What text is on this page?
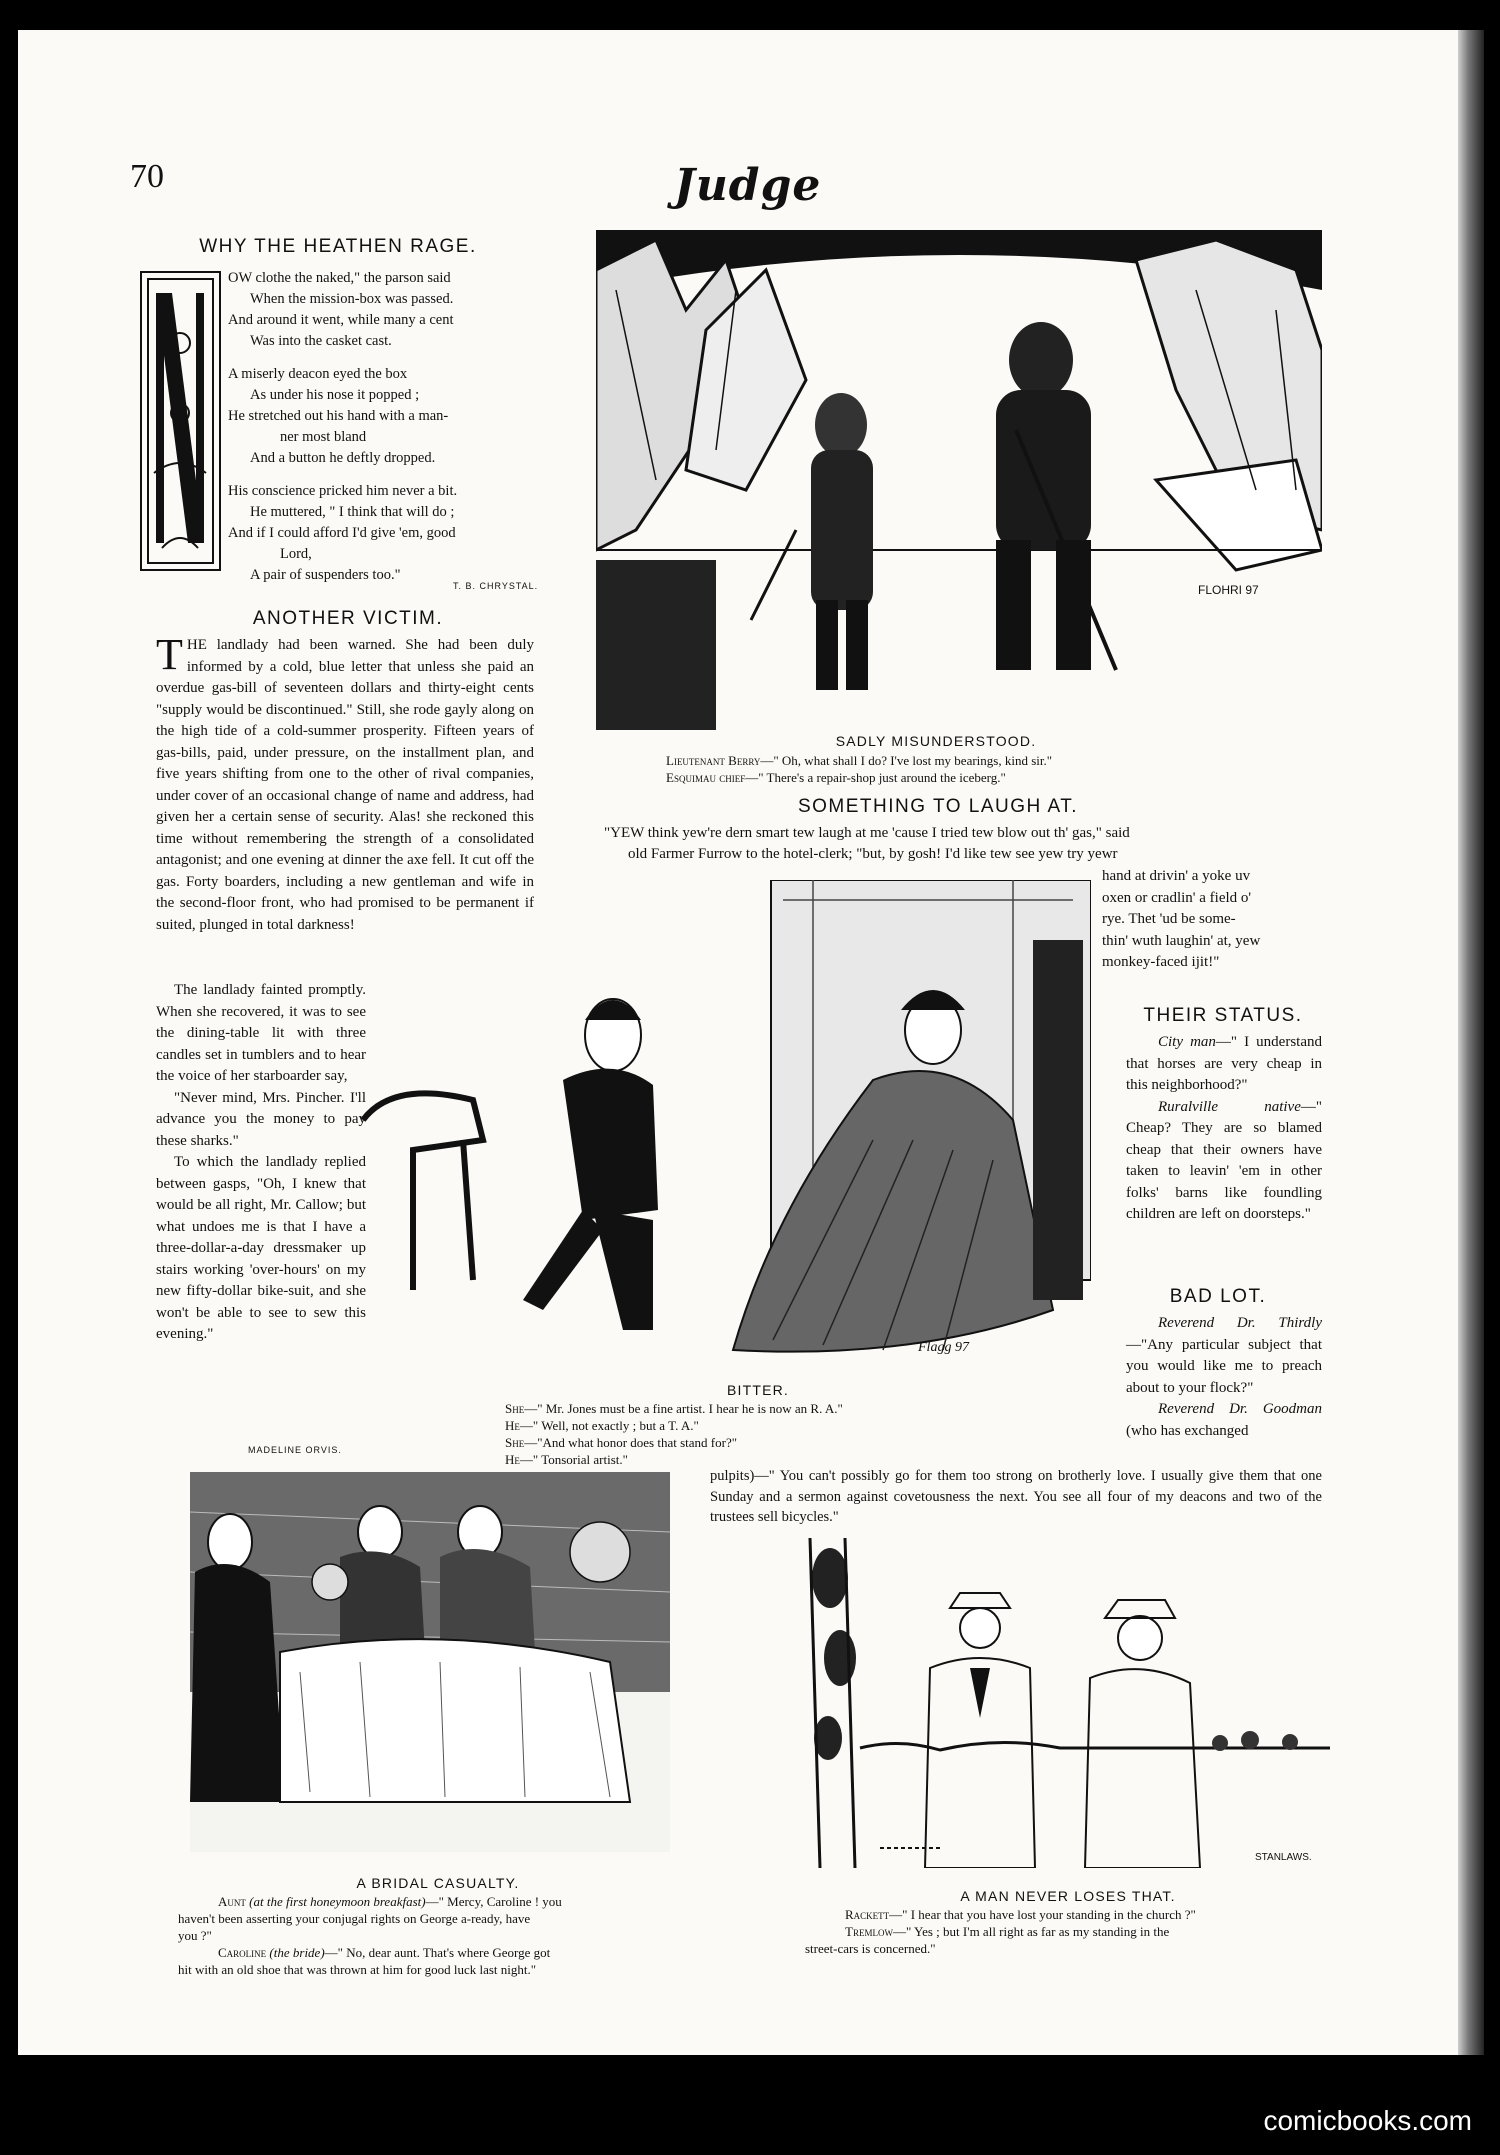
70	Judge
WHY THE HEATHEN RAGE.

OW clothe the naked," the parson said

When the mission-box was passed.

And around it went, while many a cent

Was into the casket cast.

A miserly deacon eyed the box

As under his nose it popped ;

He stretched out his hand with a man-

ner most bland

And a button he deftly dropped.

His conscience pricked him never a bit.

He muttered, " I think that will do ;

And if I could afford I'd give 'em, good

Lord,

A pair of suspenders too."

T. B. CHRYSTAL.
ANOTHER VICTIM.

THE landlady had been warned. She had been duly informed by a cold, blue letter that unless she paid an overdue gas-bill of seventeen dollars and thirty-eight cents "supply would be discontinued." Still, she rode gayly along on the high tide of a cold-summer prosperity. Fifteen years of gas-bills, paid, under pressure, on the installment plan, and five years shifting from one to the other of rival companies, under cover of an occasional change of name and address, had given her a certain sense of security. Alas! she reckoned this time without remembering the strength of a consolidated antagonist; and one evening at dinner the axe fell. It cut off the gas. Forty boarders, including a new gentleman and wife in the second-floor front, who had promised to be permanent if suited, plunged in total darkness!

The landlady fainted promptly. When she recovered, it was to see the dining-table lit with three candles set in tumblers and to hear the voice of her starboarder say,

"Never mind, Mrs. Pincher. I'll advance you the money to pay these sharks."

To which the landlady replied between gasps, "Oh, I knew that would be all right, Mr. Callow; but what undoes me is that I have a three-dollar-a-day dressmaker up stairs working 'over-hours' on my new fifty-dollar bike-suit, and she won't be able to see to sew this evening."

MADELINE ORVIS.
FLOHRI 97
SADLY MISUNDERSTOOD.

Lieutenant Berry—" Oh, what shall I do? I've lost my bearings, kind sir."

Esquimau chief—" There's a repair-shop just around the iceberg."

SOMETHING TO LAUGH AT.
"YEW think yew're dern smart tew laugh at me 'cause I tried tew blow out th' gas," said
old Farmer Furrow to the hotel-clerk; "but, by gosh! I'd like tew see yew try yewr
hand at drivin' a yoke uv
oxen or cradlin' a field o'
rye. Thet 'ud be some-
thin' wuth laughin' at, yew
monkey-faced ijit!"
Flagg 97
BITTER.

She—" Mr. Jones must be a fine artist. I hear he is now an R. A."

He—" Well, not exactly ; but a T. A."

She—"And what honor does that stand for?"

He—" Tonsorial artist."

THEIR STATUS.

City man—" I understand that horses are very cheap in this neighborhood?"

Ruralville native—" Cheap? They are so blamed cheap that their owners have taken to leavin' 'em in other folks' barns like foundling children are left on doorsteps."

BAD LOT.

Reverend Dr. Thirdly—"Any particular subject that you would like me to preach about to your flock?"

Reverend Dr. Goodman (who has exchanged

pulpits)—" You can't possibly go for them too strong on brotherly love. I usually give them that one Sunday and a sermon against covetousness the next. You see all four of my deacons and two of the trustees sell bicycles."

A BRIDAL CASUALTY.

Aunt (at the first honeymoon breakfast)—" Mercy, Caroline ! you

haven't been asserting your conjugal rights on George a-ready, have

you ?"

Caroline (the bride)—" No, dear aunt. That's where George got

hit with an old shoe that was thrown at him for good luck last night."

STANLAWS.
A MAN NEVER LOSES THAT.

Rackett—" I hear that you have lost your standing in the church ?"

Tremlow—" Yes ; but I'm all right as far as my standing in the

street-cars is concerned."

comicbooks.com
